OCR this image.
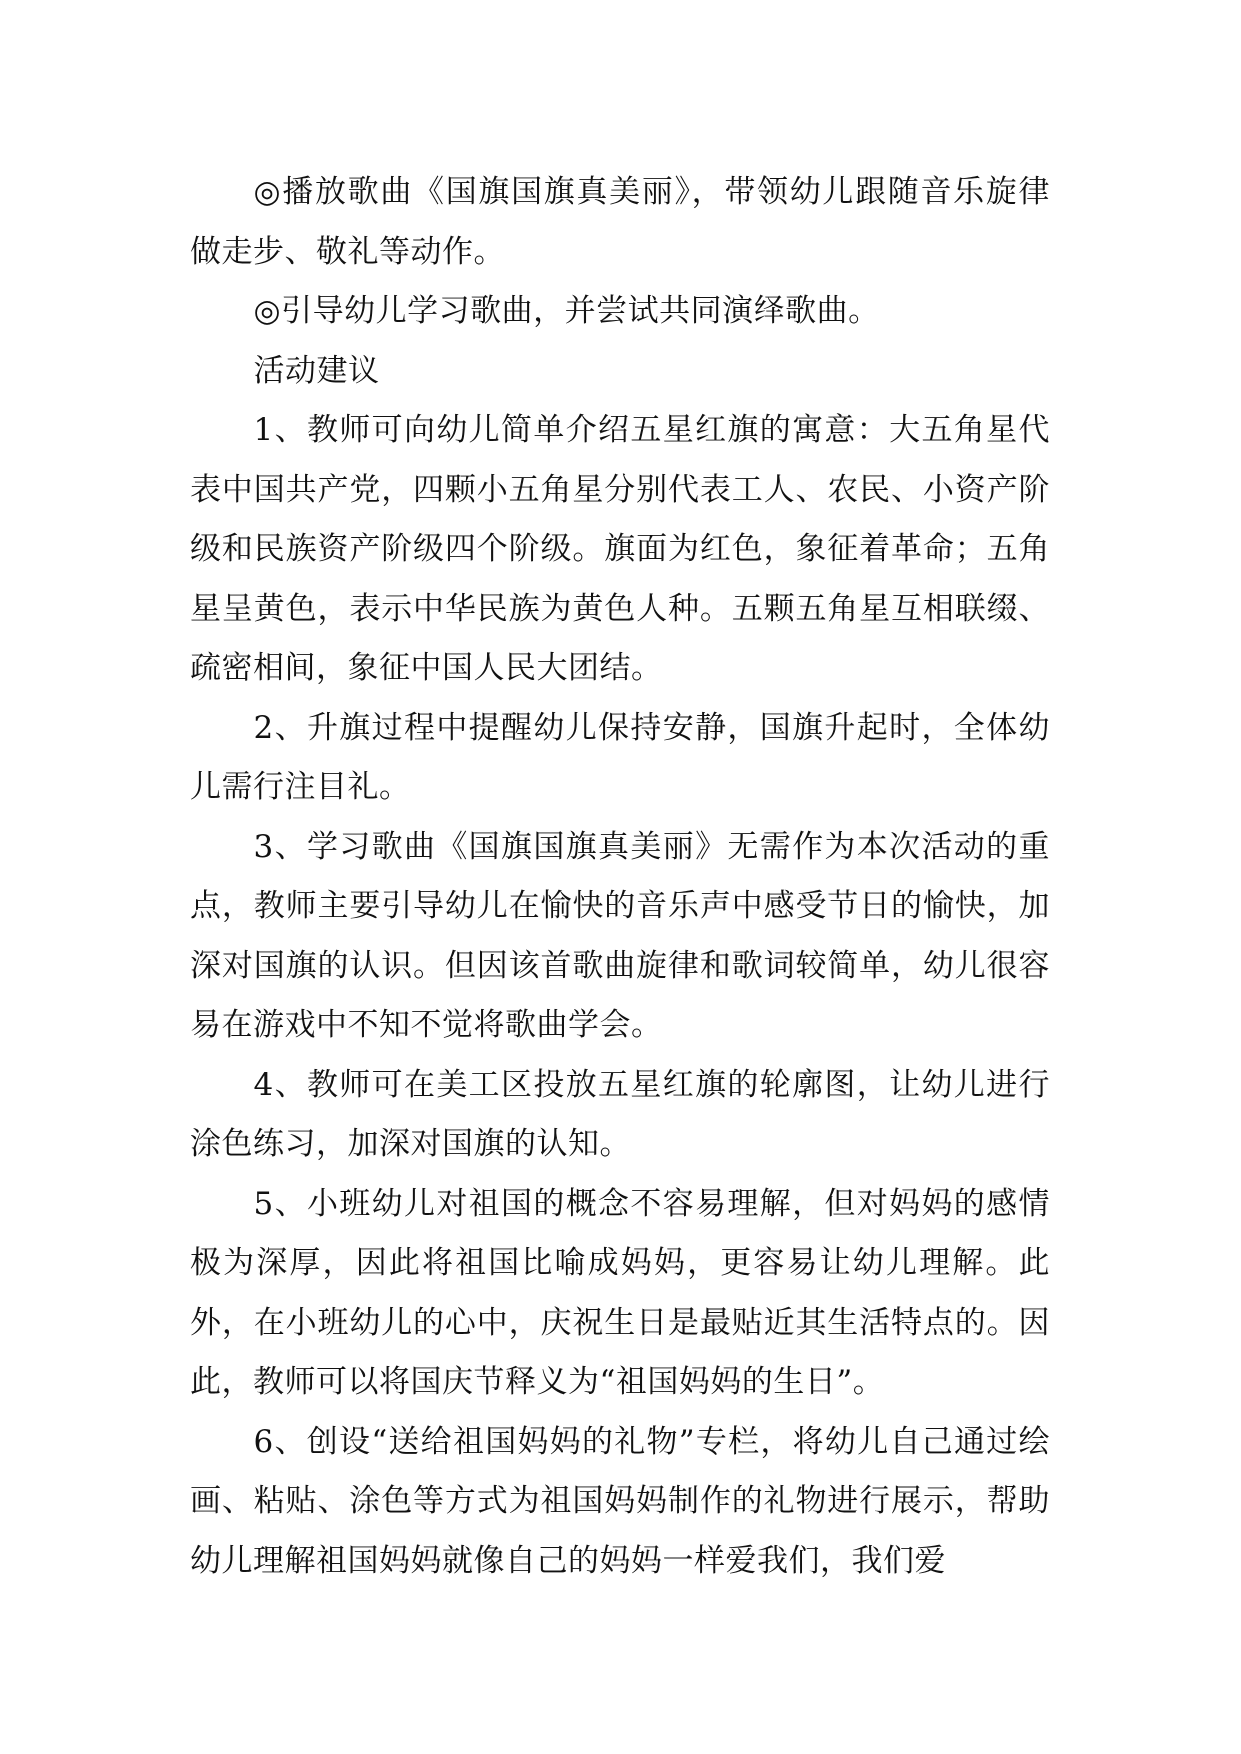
◎播放歌曲《国旗国旗真美丽》，带领幼儿跟随音乐旋律做走步、敬礼等动作。

◎引导幼儿学习歌曲，并尝试共同演绎歌曲。

活动建议

1、教师可向幼儿简单介绍五星红旗的寓意：大五角星代表中国共产党，四颗小五角星分别代表工人、农民、小资产阶级和民族资产阶级四个阶级。旗面为红色，象征着革命；五角星呈黄色，表示中华民族为黄色人种。五颗五角星互相联缀、疏密相间，象征中国人民大团结。

2、升旗过程中提醒幼儿保持安静，国旗升起时，全体幼儿需行注目礼。

3、学习歌曲《国旗国旗真美丽》无需作为本次活动的重点，教师主要引导幼儿在愉快的音乐声中感受节日的愉快，加深对国旗的认识。但因该首歌曲旋律和歌词较简单，幼儿很容易在游戏中不知不觉将歌曲学会。

4、教师可在美工区投放五星红旗的轮廓图，让幼儿进行涂色练习，加深对国旗的认知。

5、小班幼儿对祖国的概念不容易理解，但对妈妈的感情极为深厚，因此将祖国比喻成妈妈，更容易让幼儿理解。此外，在小班幼儿的心中，庆祝生日是最贴近其生活特点的。因此，教师可以将国庆节释义为“祖国妈妈的生日”。

6、创设“送给祖国妈妈的礼物”专栏，将幼儿自己通过绘画、粘贴、涂色等方式为祖国妈妈制作的礼物进行展示，帮助幼儿理解祖国妈妈就像自己的妈妈一样爱我们，我们爱
